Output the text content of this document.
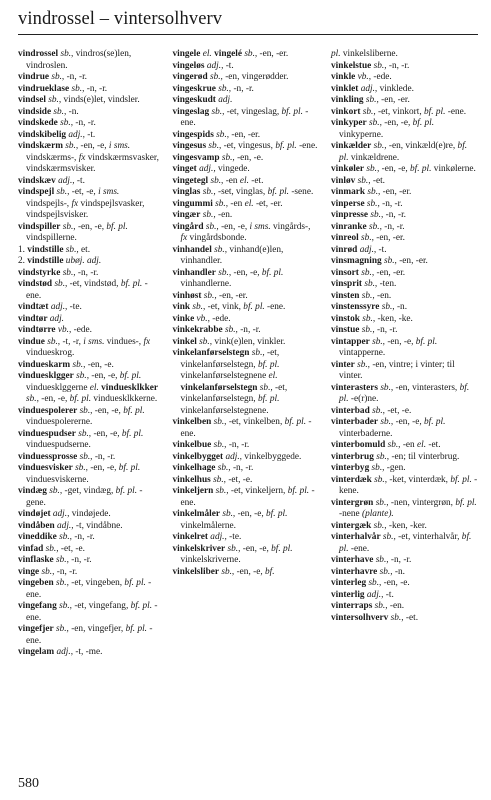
vindrossel – vintersolhverv

vindrossel sb., vindros(se)len, vindroslen.

vindrue sb., -n, -r.

vindrueklase sb., -n, -r.

vindsel sb., vinds(e)let, vindsler.

vindside sb., -n.

vindskede sb., -n, -r.

vindskibelig adj., -t.

vindskærm sb., -en, -e, i sms. vindskærms-, fx vindskærmsvasker, vindskærmsvisker.

vindskæv adj., -t.

vindspejl sb., -et, -e, i sms. vindspejls-, fx vindspejlsvasker, vindspejlsvisker.

vindspiller sb., -en, -e, bf. pl. vindspillerne.

1. vindstille sb., et.

2. vindstille ubøj. adj.

vindstyrke sb., -n, -r.

vindstød sb., -et, vindstød, bf. pl. -ene.

vindtæt adj., -te.

vindtør adj.

vindtørre vb., -ede.

vindue sb., -t, -r, i sms. vindues-, fx vindueskrog.

vindueskarm sb., -en, -e.

vinduesklgger sb., -en, -e, bf. pl. vinduesklggerne el. vinduesklkker sb., -en, -e, bf. pl. vinduesklkkerne.

vinduespolerer sb., -en, -e, bf. pl. vinduespolererne.

vinduespudser sb., -en, -e, bf. pl. vinduespudserne.

vinduessprosse sb., -n, -r.

vinduesvisker sb., -en, -e, bf. pl. vinduesviskerne.

vindæg sb., -get, vindæg, bf. pl. -gene.

vindøjet adj., vindøjede.

vindåben adj., -t, vindåbne.

vineddike sb., -n, -r.

vinfad sb., -et, -e.

vinflaske sb., -n, -r.

vinge sb., -n, -r.

vingeben sb., -et, vingeben, bf. pl. -ene.

vingefang sb., -et, vingefang, bf. pl. -ene.

vingefjer sb., -en, vingefjer, bf. pl. -ene.

vingelam adj., -t, -me.

vingele el. vingelé sb., -en, -er.

vingeløs adj., -t.

vingerød sb., -en, vingerødder.

vingeskrue sb., -n, -r.

vingeskudt adj.

vingeslag sb., -et, vingeslag, bf. pl. -ene.

vingespids sb., -en, -er.

vingesus sb., -et, vingesus, bf. pl. -ene.

vingesvamp sb., -en, -e.

vinget adj., vingede.

vingetegl sb., -en el. -et.

vinglas sb., -set, vinglas, bf. pl. -sene.

vingummi sb., -en el. -et, -er.

vingær sb., -en.

vingård sb., -en, -e, i sms. vingårds-, fx vingårdsbonde.

vinhandel sb., vinhand(e)len, vinhandler.

vinhandler sb., -en, -e, bf. pl. vinhandlerne.

vinhøst sb., -en, -er.

vink sb., -et, vink, bf. pl. -ene.

vinke vb., -ede.

vinkekrabbe sb., -n, -r.

vinkel sb., vink(e)len, vinkler.

vinkelanførselstegn sb., -et, vinkelanførselstegn, bf. pl. vinkelanførselstegnene el. vinkelanførselstegn sb., -et, vinkelanførselstegn, bf. pl. vinkelanførselstegnene.

vinkelben sb., -et, vinkelben, bf. pl. -ene.

vinkelbue sb., -n, -r.

vinkelbygget adj., vinkelbyggede.

vinkelhage sb., -n, -r.

vinkelhus sb., -et, -e.

vinkeljern sb., -et, vinkeljern, bf. pl. -ene.

vinkelmåler sb., -en, -e, bf. pl. vinkelmålerne.

vinkelret adj., -te.

vinkelskriver sb., -en, -e, bf. pl. vinkelskriverne.

vinkelsliber sb., -en, -e, bf.

pl. vinkelsliberne.

vinkelstue sb., -n, -r.

vinkle vb., -ede.

vinklet adj., vinklede.

vinkling sb., -en, -er.

vinkort sb., -et, vinkort, bf. pl. -ene.

vinkyper sb., -en, -e, bf. pl. vinkyperne.

vinkælder sb., -en, vinkæld(e)re, bf. pl. vinkældrene.

vinkøler sb., -en, -e, bf. pl. vinkølerne.

vinløv sb., -et.

vinmark sb., -en, -er.

vinperse sb., -n, -r.

vinpresse sb., -n, -r.

vinranke sb., -n, -r.

vinreol sb., -en, -er.

vinrød adj., -t.

vinsmagning sb., -en, -er.

vinsort sb., -en, -er.

vinsprit sb., -ten.

vinsten sb., -en.

vinstenssyre sb., -n.

vinstok sb., -ken, -ke.

vinstue sb., -n, -r.

vintapper sb., -en, -e, bf. pl. vintapperne.

vinter sb., -en, vintre; i vinter; til vinter.

vinterasters sb., -en, vinterasters, bf. pl. -e(r)ne.

vinterbad sb., -et, -e.

vinterbader sb., -en, -e, bf. pl. vinterbaderne.

vinterbomuld sb., -en el. -et.

vinterbrug sb., -en; til vinterbrug.

vinterbyg sb., -gen.

vinterdæk sb., -ket, vinterdæk, bf. pl. -kene.

vintergrøn sb., -nen, vintergrøn, bf. pl. -nene (plante).

vintergæk sb., -ken, -ker.

vinterhalvår sb., -et, vinterhalvår, bf. pl. -ene.

vinterhave sb., -n, -r.

vinterhavre sb., -n.

vinterleg sb., -en, -e.

vinterlig adj., -t.

vinterraps sb., -en.

vintersolhverv sb., -et.

580
